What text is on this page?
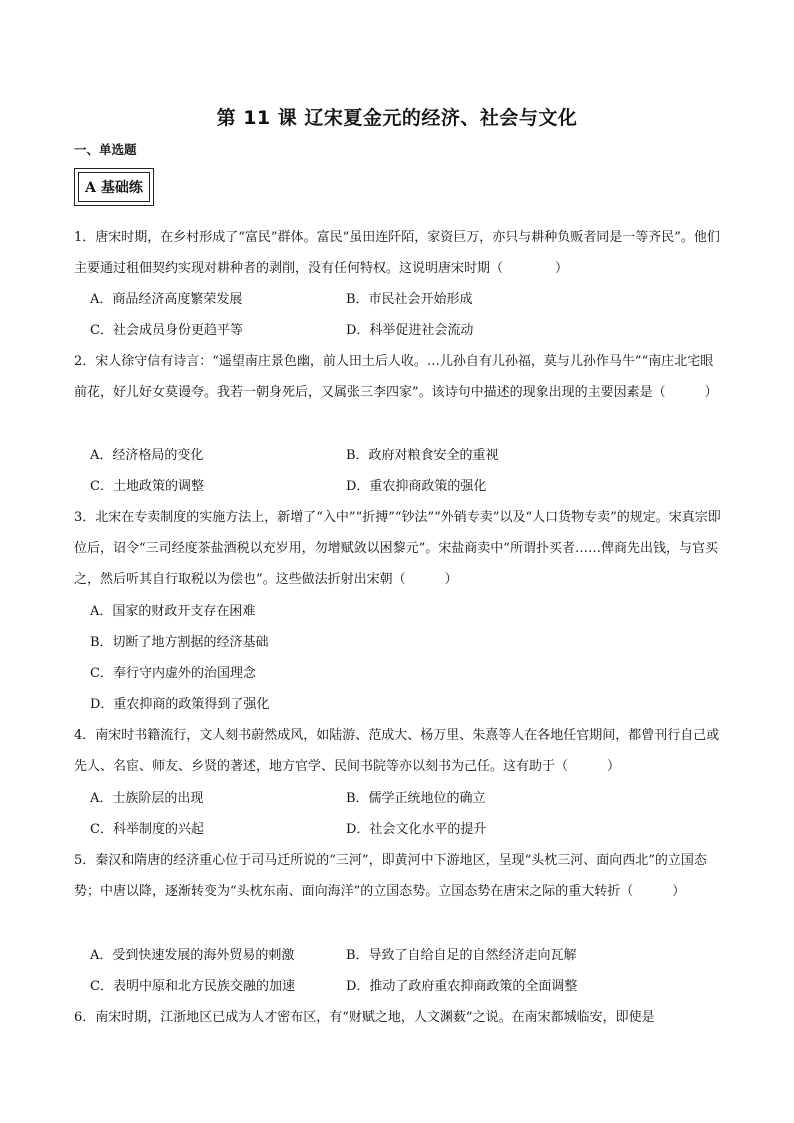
第 11 课 辽宋夏金元的经济、社会与文化
一、单选题
A 基础练

1．唐宋时期，在乡村形成了“富民”群体。富民“虽田连阡陌，家资巨万，亦只与耕种负贩者同是一等齐民”。他们主要通过租佃契约实现对耕种者的剥削，没有任何特权。这说明唐宋时期（　　　　）

A．商品经济高度繁荣发展	B．市民社会开始形成
C．社会成员身份更趋平等	D．科举促进社会流动

2．宋人徐守信有诗言：“遥望南庄景色幽，前人田土后人收。…儿孙自有儿孙福，莫与儿孙作马牛”“南庄北宅眼前花，好儿好女莫谩夸。我若一朝身死后，又属张三李四家”。该诗句中描述的现象出现的主要因素是（　　　）

A．经济格局的变化	B．政府对粮食安全的重视
C．土地政策的调整	D．重农抑商政策的强化

3．北宋在专卖制度的实施方法上，新增了“入中”“折搏”“钞法”“外销专卖”以及“人口货物专卖”的规定。宋真宗即位后，诏令“三司经度茶盐酒税以充岁用，勿增赋敛以困黎元”。宋盐商卖中“所谓扑买者……俾商先出钱，与官买之，然后听其自行取税以为偿也”。这些做法折射出宋朝（　　　）

A．国家的财政开支存在困难
B．切断了地方割据的经济基础
C．奉行守内虚外的治国理念
D．重农抑商的政策得到了强化

4．南宋时书籍流行，文人刻书蔚然成风，如陆游、范成大、杨万里、朱熹等人在各地任官期间，都曾刊行自己或先人、名宦、师友、乡贤的著述，地方官学、民间书院等亦以刻书为己任。这有助于（　　　）

A．士族阶层的出现	B．儒学正统地位的确立
C．科举制度的兴起	D．社会文化水平的提升

5．秦汉和隋唐的经济重心位于司马迁所说的“三河”，即黄河中下游地区，呈现“头枕三河、面向西北”的立国态势；中唐以降，逐渐转变为“头枕东南、面向海洋”的立国态势。立国态势在唐宋之际的重大转折（　　　）

A．受到快速发展的海外贸易的刺激	B．导致了自给自足的自然经济走向瓦解
C．表明中原和北方民族交融的加速	D．推动了政府重农抑商政策的全面调整

6．南宋时期，江浙地区已成为人才密布区，有“财赋之地，人文渊薮”之说。在南宋都城临安，即使是
